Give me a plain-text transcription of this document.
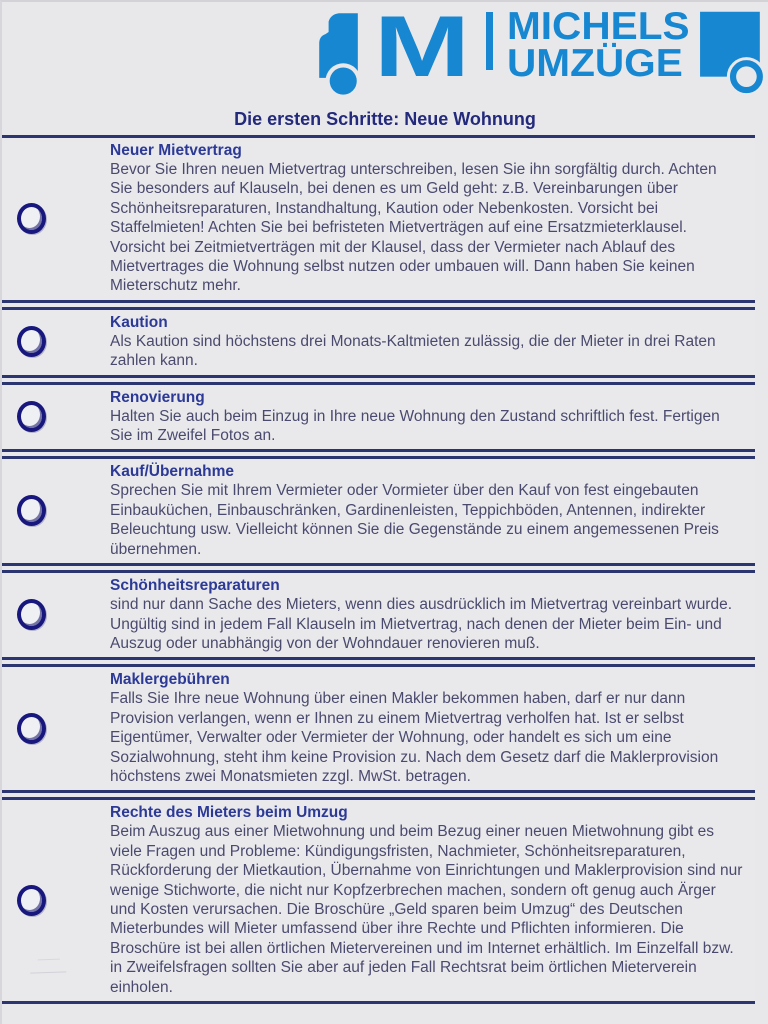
M MICHELS
UMZÜGE
Die ersten Schritte: Neue Wohnung
Neuer Mietvertrag

Bevor Sie Ihren neuen Mietvertrag unterschreiben, lesen Sie ihn sorgfältig durch. Achten Sie besonders auf Klauseln, bei denen es um Geld geht: z.B. Vereinbarungen über Schönheitsreparaturen, Instandhaltung, Kaution oder Nebenkosten. Vorsicht bei Staffelmieten! Achten Sie bei befristeten Mietverträgen auf eine Ersatzmieterklausel. Vorsicht bei Zeitmietverträgen mit der Klausel, dass der Vermieter nach Ablauf des Mietvertrages die Wohnung selbst nutzen oder umbauen will. Dann haben Sie keinen Mieterschutz mehr.

Kaution

Als Kaution sind höchstens drei Monats-Kaltmieten zulässig, die der Mieter in drei Raten zahlen kann.

Renovierung

Halten Sie auch beim Einzug in Ihre neue Wohnung den Zustand schriftlich fest. Fertigen Sie im Zweifel Fotos an.

Kauf/Übernahme

Sprechen Sie mit Ihrem Vermieter oder Vormieter über den Kauf von fest eingebauten Einbauküchen, Einbauschränken, Gardinenleisten, Teppichböden, Antennen, indirekter Beleuchtung usw. Vielleicht können Sie die Gegenstände zu einem angemessenen Preis übernehmen.

Schönheitsreparaturen

sind nur dann Sache des Mieters, wenn dies ausdrücklich im Mietvertrag vereinbart wurde. Ungültig sind in jedem Fall Klauseln im Mietvertrag, nach denen der Mieter beim Ein- und Auszug oder unabhängig von der Wohndauer renovieren muß.

Maklergebühren

Falls Sie Ihre neue Wohnung über einen Makler bekommen haben, darf er nur dann Provision verlangen, wenn er Ihnen zu einem Mietvertrag verholfen hat. Ist er selbst Eigentümer, Verwalter oder Vermieter der Wohnung, oder handelt es sich um eine Sozialwohnung, steht ihm keine Provision zu. Nach dem Gesetz darf die Maklerprovision höchstens zwei Monatsmieten zzgl. MwSt. betragen.

Rechte des Mieters beim Umzug

Beim Auszug aus einer Mietwohnung und beim Bezug einer neuen Mietwohnung gibt es viele Fragen und Probleme: Kündigungsfristen, Nachmieter, Schönheitsreparaturen, Rückforderung der Mietkaution, Übernahme von Einrichtungen und Maklerprovision sind nur wenige Stichworte, die nicht nur Kopfzerbrechen machen, sondern oft genug auch Ärger und Kosten verursachen. Die Broschüre „Geld sparen beim Umzug“ des Deutschen Mieterbundes will Mieter umfassend über ihre Rechte und Pflichten informieren. Die Broschüre ist bei allen örtlichen Mietervereinen und im Internet erhältlich. Im Einzelfall bzw. in Zweifelsfragen sollten Sie aber auf jeden Fall Rechtsrat beim örtlichen Mieterverein einholen.
